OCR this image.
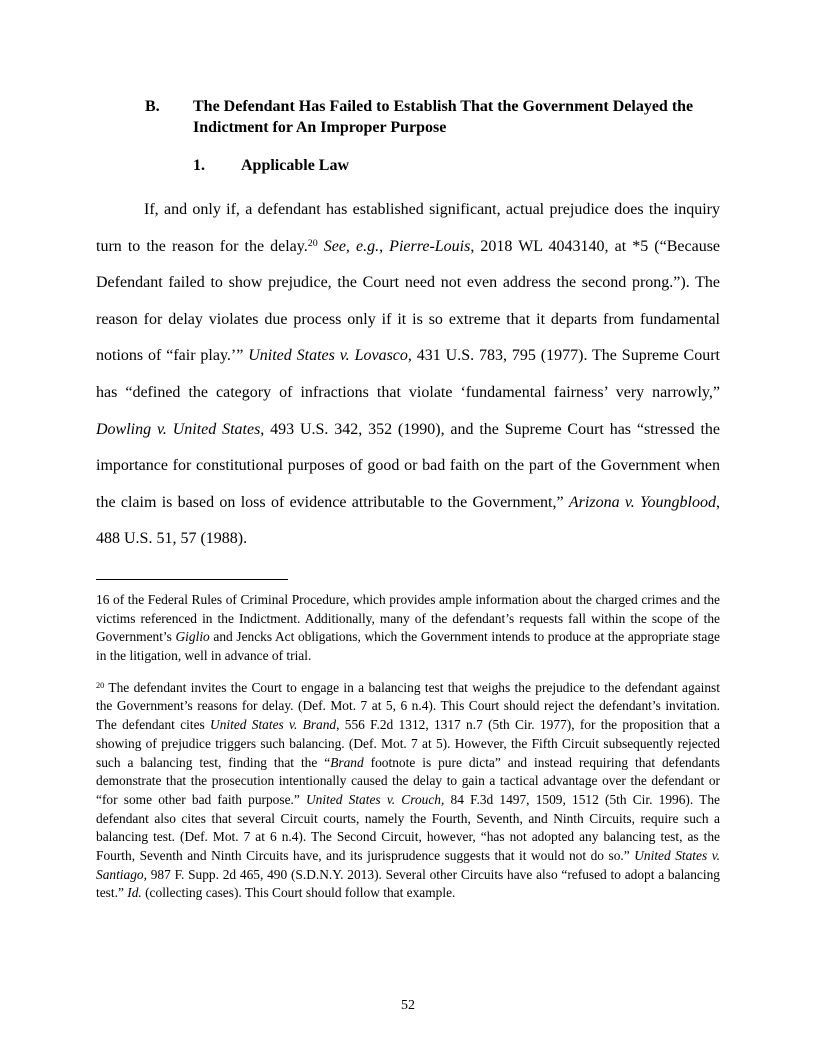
B.	The Defendant Has Failed to Establish That the Government Delayed the Indictment for An Improper Purpose
1.	Applicable Law

If, and only if, a defendant has established significant, actual prejudice does the inquiry turn to the reason for the delay.$^{20}$ See, e.g., Pierre-Louis, 2018 WL 4043140, at *5 (“Because Defendant failed to show prejudice, the Court need not even address the second prong.”). The reason for delay violates due process only if it is so extreme that it departs from fundamental notions of “fair play.’” United States v. Lovasco, 431 U.S. 783, 795 (1977). The Supreme Court has “defined the category of infractions that violate ‘fundamental fairness’ very narrowly,” Dowling v. United States, 493 U.S. 342, 352 (1990), and the Supreme Court has “stressed the importance for constitutional purposes of good or bad faith on the part of the Government when the claim is based on loss of evidence attributable to the Government,” Arizona v. Youngblood, 488 U.S. 51, 57 (1988).

16 of the Federal Rules of Criminal Procedure, which provides ample information about the charged crimes and the victims referenced in the Indictment. Additionally, many of the defendant’s requests fall within the scope of the Government’s Giglio and Jencks Act obligations, which the Government intends to produce at the appropriate stage in the litigation, well in advance of trial.

$^{20}$ The defendant invites the Court to engage in a balancing test that weighs the prejudice to the defendant against the Government’s reasons for delay. (Def. Mot. 7 at 5, 6 n.4). This Court should reject the defendant’s invitation. The defendant cites United States v. Brand, 556 F.2d 1312, 1317 n.7 (5th Cir. 1977), for the proposition that a showing of prejudice triggers such balancing. (Def. Mot. 7 at 5). However, the Fifth Circuit subsequently rejected such a balancing test, finding that the “Brand footnote is pure dicta” and instead requiring that defendants demonstrate that the prosecution intentionally caused the delay to gain a tactical advantage over the defendant or “for some other bad faith purpose.” United States v. Crouch, 84 F.3d 1497, 1509, 1512 (5th Cir. 1996). The defendant also cites that several Circuit courts, namely the Fourth, Seventh, and Ninth Circuits, require such a balancing test. (Def. Mot. 7 at 6 n.4). The Second Circuit, however, “has not adopted any balancing test, as the Fourth, Seventh and Ninth Circuits have, and its jurisprudence suggests that it would not do so.” United States v. Santiago, 987 F. Supp. 2d 465, 490 (S.D.N.Y. 2013). Several other Circuits have also “refused to adopt a balancing test.” Id. (collecting cases). This Court should follow that example.

52
